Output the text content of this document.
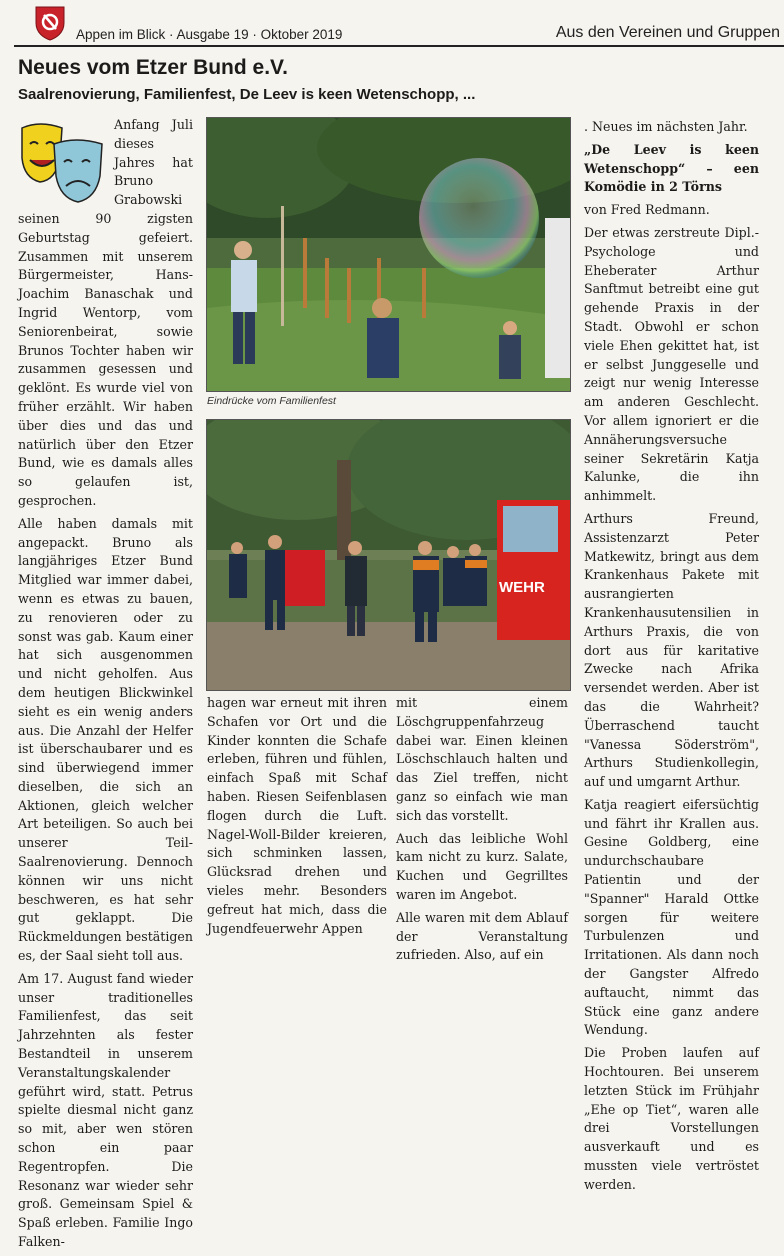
Appen im Blick · Ausgabe 19 · Oktober 2019	Aus den Vereinen und Gruppen
Neues vom Etzer Bund e.V.
Saalrenovierung, Familienfest, De Leev is keen Wetenschopp, ...

Anfang Juli dieses Jahres hat Bruno Grabowski seinen 90 zigsten Geburtstag gefeiert. Zusammen mit unserem Bürgermeister, Hans-Joachim Banaschak und Ingrid Wentorp, vom Seniorenbeirat, sowie Brunos Tochter haben wir zusammen gesessen und geklönt. Es wurde viel von früher erzählt. Wir haben über dies und das und natürlich über den Etzer Bund, wie es damals alles so gelaufen ist, gesprochen.

Alle haben damals mit angepackt. Bruno als langjähriges Etzer Bund Mitglied war immer dabei, wenn es etwas zu bauen, zu renovieren oder zu sonst was gab. Kaum einer hat sich ausgenommen und nicht geholfen. Aus dem heutigen Blickwinkel sieht es ein wenig anders aus. Die Anzahl der Helfer ist überschaubarer und es sind überwiegend immer dieselben, die sich an Aktionen, gleich welcher Art beteiligen. So auch bei unserer Teil-Saalrenovierung. Dennoch können wir uns nicht beschweren, es hat sehr gut geklappt. Die Rückmeldungen bestätigen es, der Saal sieht toll aus.

Am 17. August fand wieder unser traditionelles Familienfest, das seit Jahrzehnten als fester Bestandteil in unserem Veranstaltungskalender geführt wird, statt. Petrus spielte diesmal nicht ganz so mit, aber wen stören schon ein paar Regentropfen. Die Resonanz war wieder sehr groß. Gemeinsam Spiel & Spaß erleben. Familie Ingo Falken-

Eindrücke vom Familienfest
WEHR

hagen war erneut mit ihren Schafen vor Ort und die Kinder konnten die Schafe erleben, führen und fühlen, einfach Spaß mit Schaf haben. Riesen Seifenblasen flogen durch die Luft. Nagel-Woll-Bilder kreieren, sich schminken lassen, Glücksrad drehen und vieles mehr. Besonders gefreut hat mich, dass die Jugendfeuerwehr Appen

mit einem Löschgruppenfahrzeug dabei war. Einen kleinen Löschschlauch halten und das Ziel treffen, nicht ganz so einfach wie man sich das vorstellt.

Auch das leibliche Wohl kam nicht zu kurz. Salate, Kuchen und Gegrilltes waren im Angebot.

Alle waren mit dem Ablauf der Veranstaltung zufrieden. Also, auf ein

. Neues im nächsten Jahr.

„De Leev is keen Wetenschopp“ – een Komödie in 2 Törns

von Fred Redmann.

Der etwas zerstreute Dipl.-Psychologe und Eheberater Arthur Sanftmut betreibt eine gut gehende Praxis in der Stadt. Obwohl er schon viele Ehen gekittet hat, ist er selbst Junggeselle und zeigt nur wenig Interesse am anderen Geschlecht. Vor allem ignoriert er die Annäherungsversuche seiner Sekretärin Katja Kalunke, die ihn anhimmelt.

Arthurs Freund, Assistenzarzt Peter Matkewitz, bringt aus dem Krankenhaus Pakete mit ausrangierten Krankenhausutensilien in Arthurs Praxis, die von dort aus für karitative Zwecke nach Afrika versendet werden. Aber ist das die Wahrheit? Überraschend taucht "Vanessa Söderström", Arthurs Studienkollegin, auf und umgarnt Arthur.

Katja reagiert eifersüchtig und fährt ihr Krallen aus. Gesine Goldberg, eine undurchschaubare Patientin und der "Spanner" Harald Ottke sorgen für weitere Turbulenzen und Irritationen. Als dann noch der Gangster Alfredo auftaucht, nimmt das Stück eine ganz andere Wendung.

Die Proben laufen auf Hochtouren. Bei unserem letzten Stück im Frühjahr „Ehe op Tiet“, waren alle drei Vorstellungen ausverkauft und es mussten viele vertröstet werden.
